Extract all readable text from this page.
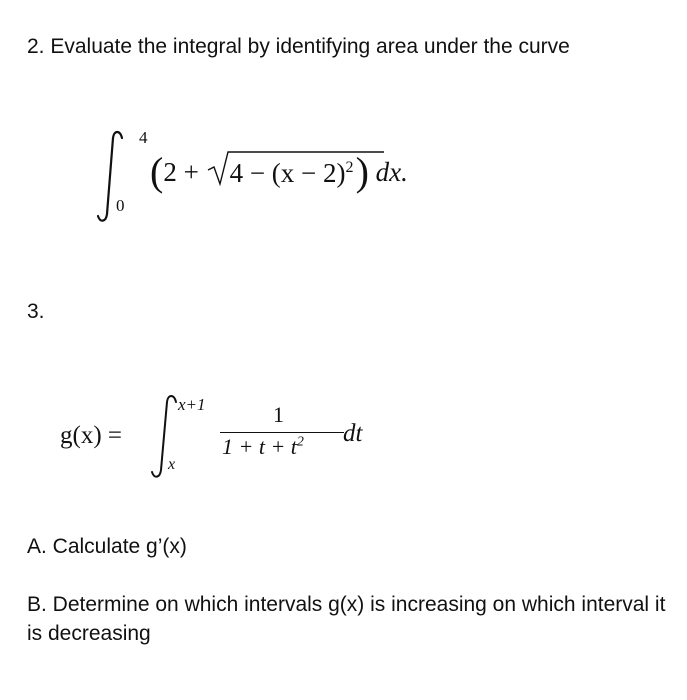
2. Evaluate the integral by identifying area under the curve

4
0
($2 + 4 - (x - 2)^2$ ) dx.

3.

g(x) =
x+1
x
1
$1 + t + t^2$ dt

A. Calculate g’(x)

B. Determine on which intervals g(x) is increasing on which interval it is decreasing
